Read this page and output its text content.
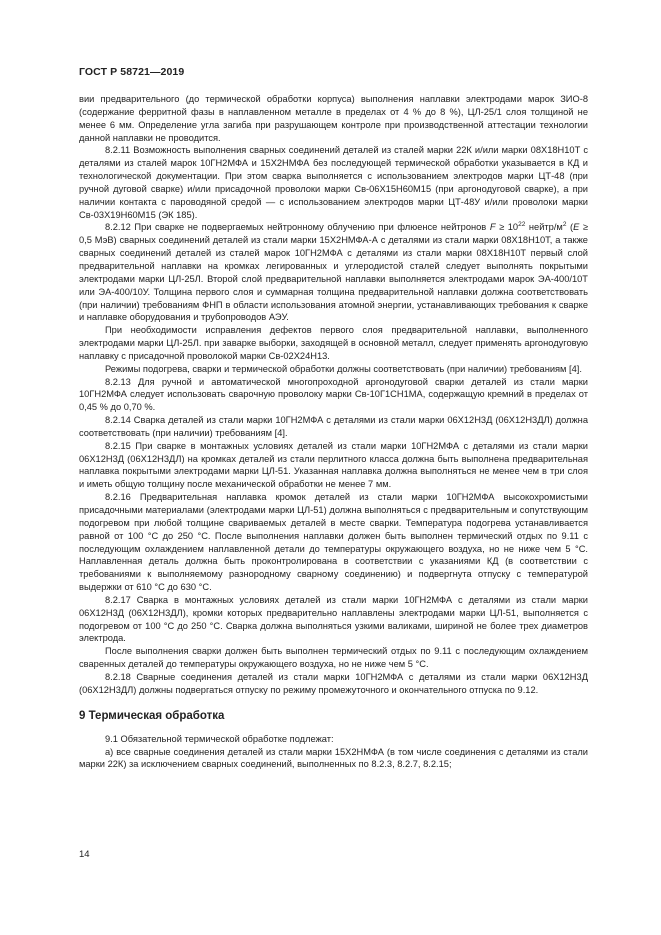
ГОСТ Р 58721—2019

вии предварительного (до термической обработки корпуса) выполнения наплавки электродами марок ЗИО-8 (содержание ферритной фазы в наплавленном металле в пределах от 4 % до 8 %), ЦЛ-25/1 слоя толщиной не менее 6 мм. Определение угла загиба при разрушающем контроле при производственной аттестации технологии данной наплавки не проводится.

8.2.11 Возможность выполнения сварных соединений деталей из сталей марки 22К и/или марки 08Х18Н10Т с деталями из сталей марок 10ГН2МФА и 15Х2НМФА без последующей термической обработки указывается в КД и технологической документации. При этом сварка выполняется с использованием электродов марки ЦТ-48 (при ручной дуговой сварке) и/или присадочной проволоки марки Св-06Х15Н60М15 (при аргонодуговой сварке), а при наличии контакта с пароводяной средой — с использованием электродов марки ЦТ-48У и/или проволоки марки Св-03Х19Н60М15 (ЭК 185).

8.2.12 При сварке не подвергаемых нейтронному облучению при флюенсе нейтронов $F \ge 10^{22}$ нейтр/$м^2$ (E ≥ 0,5 МэВ) сварных соединений деталей из стали марки 15Х2НМФА-А с деталями из стали марки 08Х18Н10Т, а также сварных соединений деталей из сталей марок 10ГН2МФА с деталями из стали марки 08Х18Н10Т первый слой предварительной наплавки на кромках легированных и углеродистой сталей следует выполнять покрытыми электродами марки ЦЛ-25Л. Второй слой предварительной наплавки выполняется электродами марок ЭА-400/10Т или ЭА-400/10У. Толщина первого слоя и суммарная толщина предварительной наплавки должна соответствовать (при наличии) требованиям ФНП в области использования атомной энергии, устанавливающих требования к сварке и наплавке оборудования и трубопроводов АЭУ.

При необходимости исправления дефектов первого слоя предварительной наплавки, выполненного электродами марки ЦЛ-25Л. при заварке выборки, заходящей в основной металл, следует применять аргонодуговую наплавку с присадочной проволокой марки Св-02Х24Н13.

Режимы подогрева, сварки и термической обработки должны соответствовать (при наличии) требованиям [4].

8.2.13 Для ручной и автоматической многопроходной аргонодуговой сварки деталей из стали марки 10ГН2МФА следует использовать сварочную проволоку марки Св-10Г1СН1МА, содержащую кремний в пределах от 0,45 % до 0,70 %.

8.2.14 Сварка деталей из стали марки 10ГН2МФА с деталями из стали марки 06Х12Н3Д (06Х12Н3ДЛ) должна соответствовать (при наличии) требованиям [4].

8.2.15 При сварке в монтажных условиях деталей из стали марки 10ГН2МФА с деталями из стали марки 06Х12Н3Д (06Х12Н3ДЛ) на кромках деталей из стали перлитного класса должна быть выполнена предварительная наплавка покрытыми электродами марки ЦЛ-51. Указанная наплавка должна выполняться не менее чем в три слоя и иметь общую толщину после механической обработки не менее 7 мм.

8.2.16 Предварительная наплавка кромок деталей из стали марки 10ГН2МФА высокохромистыми присадочными материалами (электродами марки ЦЛ-51) должна выполняться с предварительным и сопутствующим подогревом при любой толщине свариваемых деталей в месте сварки. Температура подогрева устанавливается равной от 100 °С до 250 °С. После выполнения наплавки должен быть выполнен термический отдых по 9.11 с последующим охлаждением наплавленной детали до температуры окружающего воздуха, но не ниже чем 5 °С. Наплавленная деталь должна быть проконтролирована в соответствии с указаниями КД (в соответствии с требованиями к выполняемому разнородному сварному соединению) и подвергнута отпуску с температурой выдержки от 610 °С до 630 °С.

8.2.17 Сварка в монтажных условиях деталей из стали марки 10ГН2МФА с деталями из стали марки 06Х12Н3Д (06Х12Н3ДЛ), кромки которых предварительно наплавлены электродами марки ЦЛ-51, выполняется с подогревом от 100 °С до 250 °С. Сварка должна выполняться узкими валиками, шириной не более трех диаметров электрода.

После выполнения сварки должен быть выполнен термический отдых по 9.11 с последующим охлаждением сваренных деталей до температуры окружающего воздуха, но не ниже чем 5 °С.

8.2.18 Сварные соединения деталей из стали марки 10ГН2МФА с деталями из стали марки 06Х12Н3Д (06Х12Н3ДЛ) должны подвергаться отпуску по режиму промежуточного и окончательного отпуска по 9.12.

9 Термическая обработка

9.1 Обязательной термической обработке подлежат:

а) все сварные соединения деталей из стали марки 15Х2НМФА (в том числе соединения с деталями из стали марки 22К) за исключением сварных соединений, выполненных по 8.2.3, 8.2.7, 8.2.15;

14
